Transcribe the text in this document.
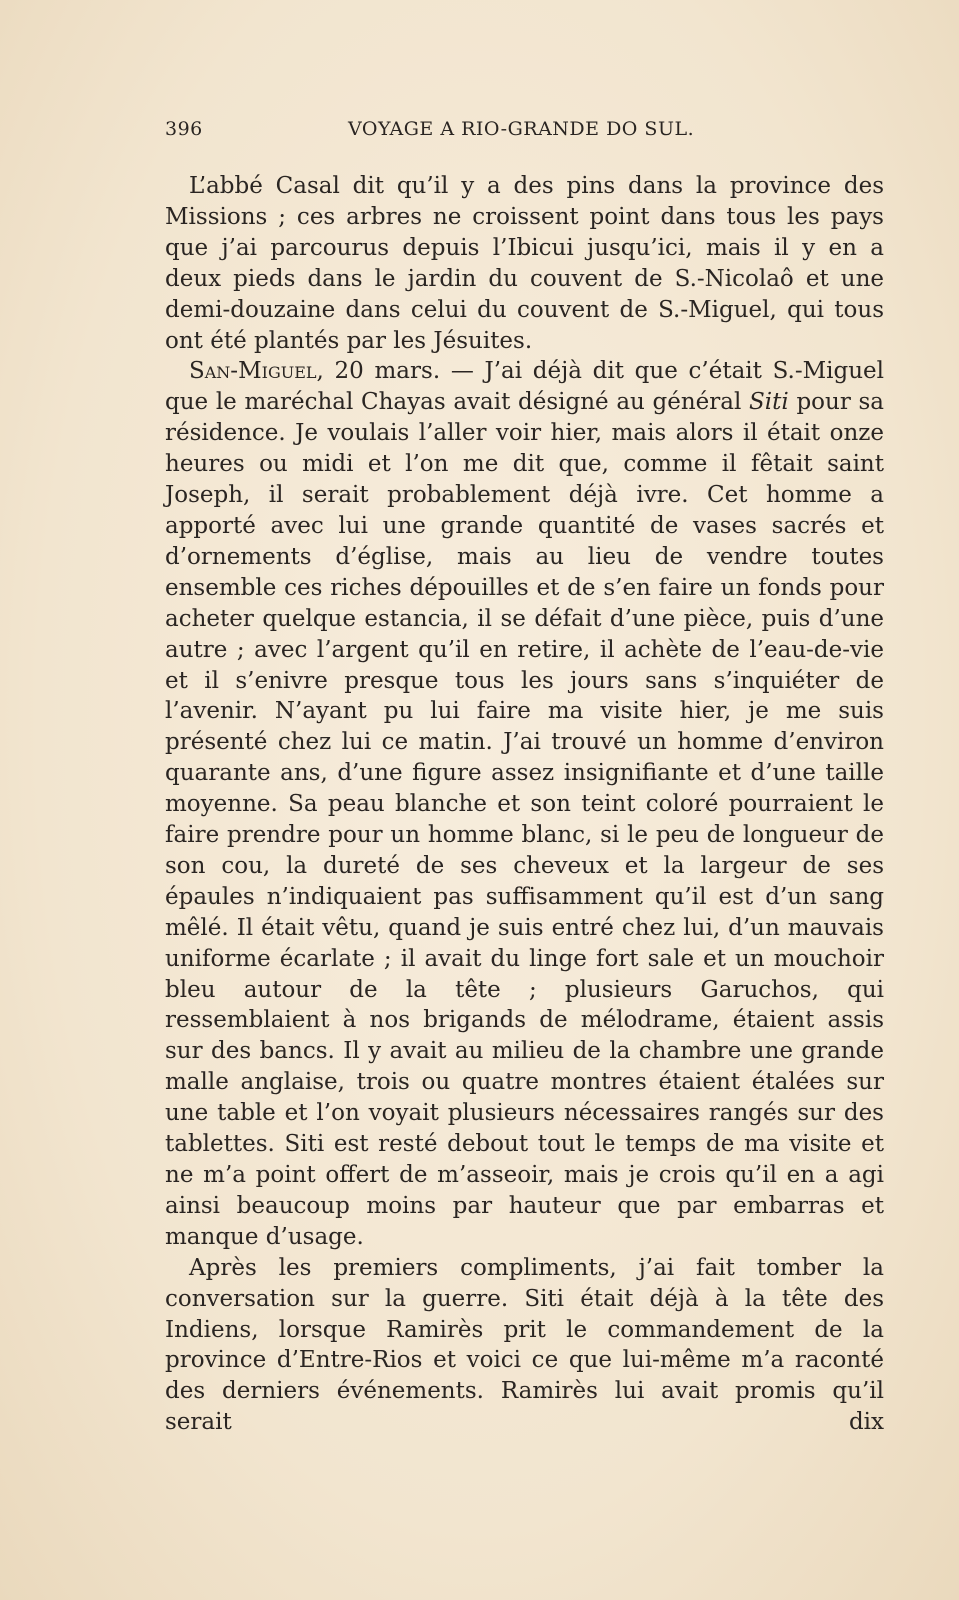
396	VOYAGE A RIO-GRANDE DO SUL.

L’abbé Casal dit qu’il y a des pins dans la province des Missions ; ces arbres ne croissent point dans tous les pays que j’ai parcourus depuis l’Ibicui jusqu’ici, mais il y en a deux pieds dans le jardin du couvent de S.-Nicolaô et une demi-douzaine dans celui du couvent de S.-Miguel, qui tous ont été plantés par les Jésuites.

San-Miguel, 20 mars. — J’ai déjà dit que c’était S.-Miguel que le maréchal Chayas avait désigné au général Siti pour sa résidence. Je voulais l’aller voir hier, mais alors il était onze heures ou midi et l’on me dit que, comme il fêtait saint Joseph, il serait probablement déjà ivre. Cet homme a apporté avec lui une grande quantité de vases sacrés et d’ornements d’église, mais au lieu de vendre toutes ensemble ces riches dépouilles et de s’en faire un fonds pour acheter quelque estancia, il se défait d’une pièce, puis d’une autre ; avec l’argent qu’il en retire, il achète de l’eau-de-vie et il s’enivre presque tous les jours sans s’inquiéter de l’avenir. N’ayant pu lui faire ma visite hier, je me suis présenté chez lui ce matin. J’ai trouvé un homme d’environ quarante ans, d’une figure assez insignifiante et d’une taille moyenne. Sa peau blanche et son teint coloré pourraient le faire prendre pour un homme blanc, si le peu de longueur de son cou, la dureté de ses cheveux et la largeur de ses épaules n’indiquaient pas suffisamment qu’il est d’un sang mêlé. Il était vêtu, quand je suis entré chez lui, d’un mauvais uniforme écarlate ; il avait du linge fort sale et un mouchoir bleu autour de la tête ; plusieurs Garuchos, qui ressemblaient à nos brigands de mélodrame, étaient assis sur des bancs. Il y avait au milieu de la chambre une grande malle anglaise, trois ou quatre montres étaient étalées sur une table et l’on voyait plusieurs nécessaires rangés sur des tablettes. Siti est resté debout tout le temps de ma visite et ne m’a point offert de m’asseoir, mais je crois qu’il en a agi ainsi beaucoup moins par hauteur que par embarras et manque d’usage.

Après les premiers compliments, j’ai fait tomber la conversation sur la guerre. Siti était déjà à la tête des Indiens, lorsque Ramirès prit le commandement de la province d’Entre-Rios et voici ce que lui-même m’a raconté des derniers événements. Ramirès lui avait promis qu’il serait dix
